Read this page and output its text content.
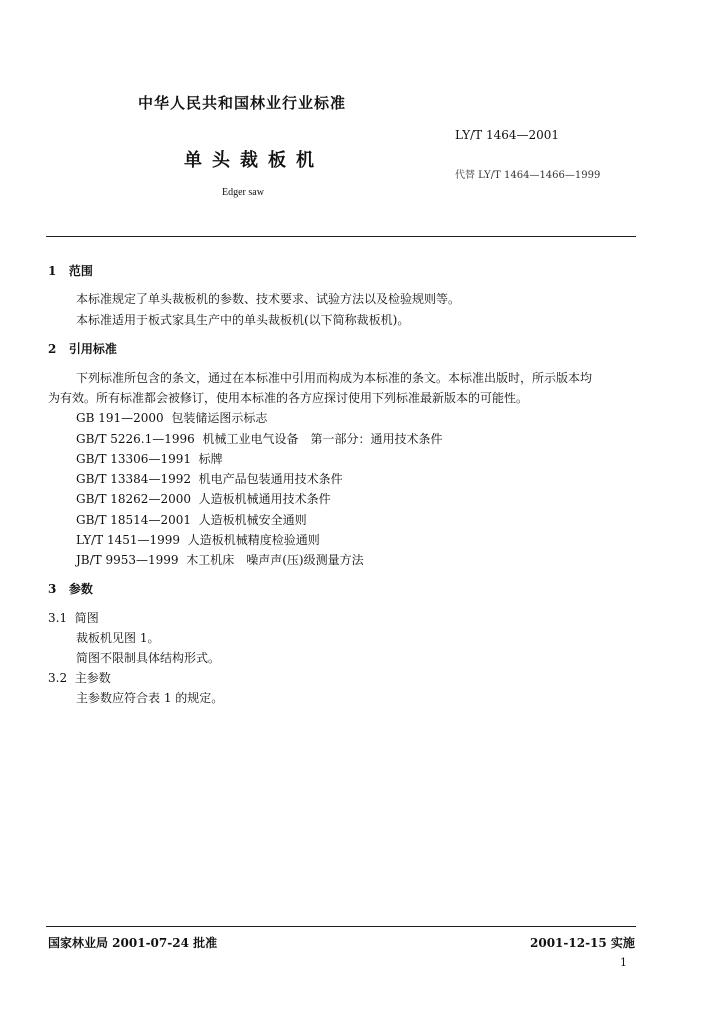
中华人民共和国林业行业标准
LY/T 1464—2001
单头裁板机
代替 LY/T 1464—1466—1999
Edger saw
1 范围
本标准规定了单头裁板机的参数、技术要求、试验方法以及检验规则等。
本标准适用于板式家具生产中的单头裁板机(以下简称裁板机)。
2 引用标准
下列标准所包含的条文，通过在本标准中引用而构成为本标准的条文。本标准出版时，所示版本均
为有效。所有标准都会被修订，使用本标准的各方应探讨使用下列标准最新版本的可能性。
GB 191—2000 包装储运图示标志
GB/T 5226.1—1996 机械工业电气设备　第一部分：通用技术条件
GB/T 13306—1991 标牌
GB/T 13384—1992 机电产品包装通用技术条件
GB/T 18262—2000 人造板机械通用技术条件
GB/T 18514—2001 人造板机械安全通则
LY/T 1451—1999 人造板机械精度检验通则
JB/T 9953—1999 木工机床　噪声声(压)级测量方法
3 参数
3.1 简图
裁板机见图 1。
简图不限制具体结构形式。
3.2 主参数
主参数应符合表 1 的规定。
国家林业局 2001-07-24 批准	2001-12-15 实施
1
